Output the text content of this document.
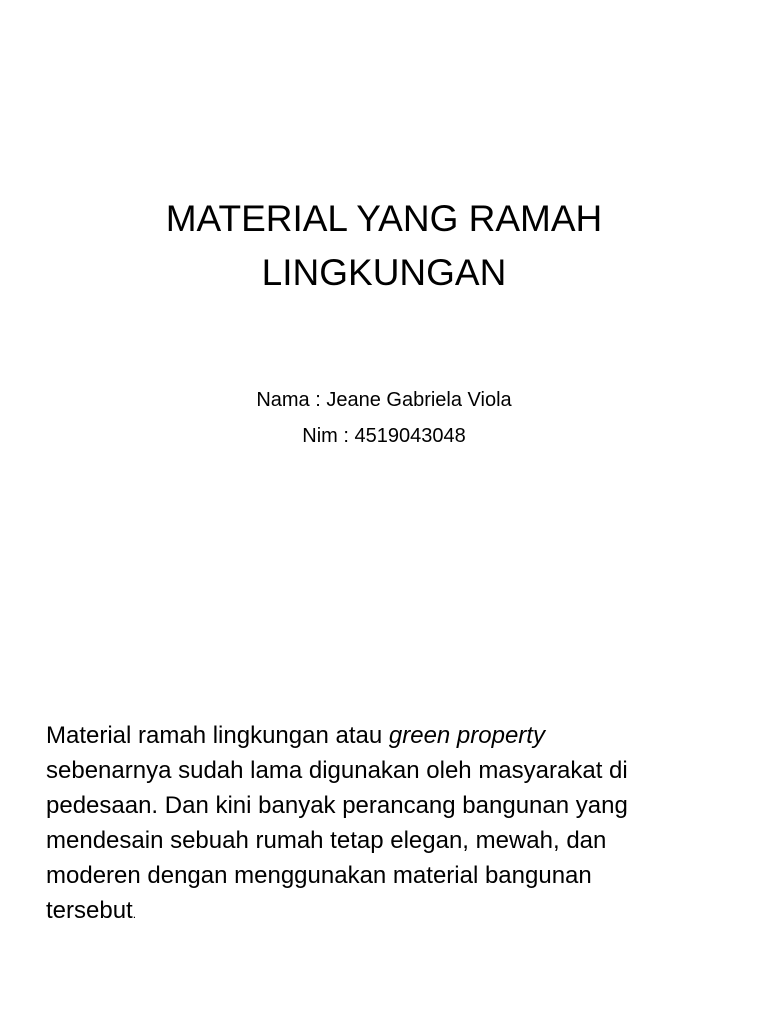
MATERIAL YANG RAMAH
LINGKUNGAN
Nama : Jeane Gabriela Viola
Nim : 4519043048

Material ramah lingkungan atau green property
sebenarnya sudah lama digunakan oleh masyarakat di
pedesaan. Dan kini banyak perancang bangunan yang
mendesain sebuah rumah tetap elegan, mewah, dan
moderen dengan menggunakan material bangunan
tersebut.
